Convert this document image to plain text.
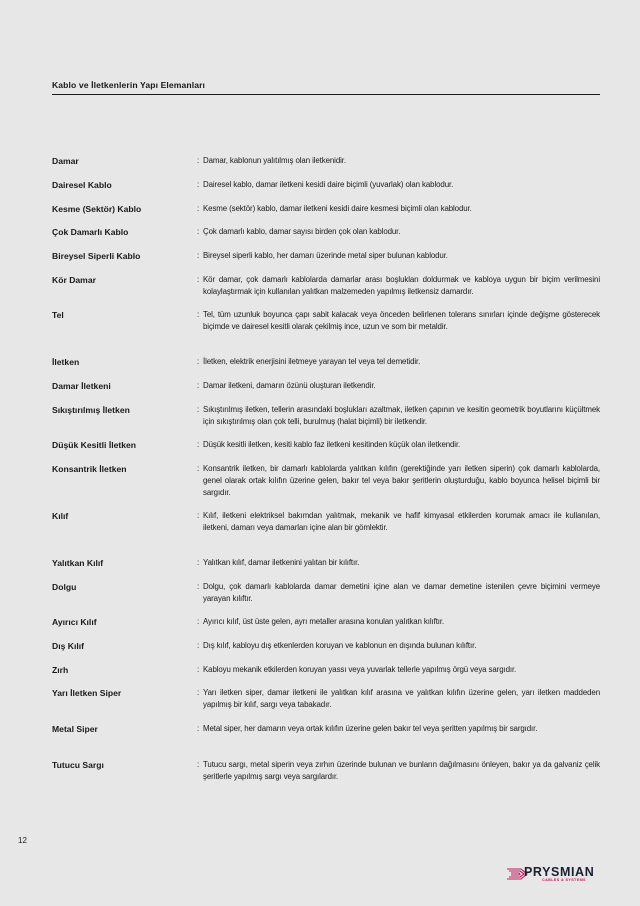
Kablo ve İletkenlerin Yapı Elemanları
Damar	: Damar, kablonun yalıtılmış olan iletkenidir.
Dairesel Kablo	: Dairesel kablo, damar iletkeni kesidi daire biçimli (yuvarlak) olan kablodur.
Kesme (Sektör) Kablo	: Kesme (sektör) kablo, damar iletkeni kesidi daire kesmesi biçimli olan kablodur.
Çok Damarlı Kablo	: Çok damarlı kablo, damar sayısı birden çok olan kablodur.
Bireysel Siperli Kablo	: Bireysel siperli kablo, her damarı üzerinde metal siper bulunan kablodur.
Kör Damar	: Kör damar, çok damarlı kablolarda damarlar arası boşlukları doldurmak ve kabloya uygun bir biçim verilmesini kolaylaştırmak için kullanılan yalıtkan malzemeden yapılmış iletkensiz damardır.
Tel	: Tel, tüm uzunluk boyunca çapı sabit kalacak veya önceden belirlenen tolerans sınırları içinde değişme gösterecek biçimde ve dairesel kesitli olarak çekilmiş ince, uzun ve som bir metaldir.
İletken	: İletken, elektrik enerjisini iletmeye yarayan tel veya tel demetidir.
Damar İletkeni	: Damar iletkeni, damarın özünü oluşturan iletkendir.
Sıkıştırılmış İletken	: Sıkıştırılmış iletken, tellerin arasındaki boşlukları azaltmak, iletken çapının ve kesitin geometrik boyutlarını küçültmek için sıkıştırılmış olan çok telli, burulmuş (halat biçimli) bir iletkendir.
Düşük Kesitli İletken	: Düşük kesitli iletken, kesiti kablo faz iletkeni kesitinden küçük olan iletkendir.
Konsantrik İletken	: Konsantrik iletken, bir damarlı kablolarda yalıtkan kılıfın (gerektiğinde yarı iletken siperin) çok damarlı kablolarda, genel olarak ortak kılıfın üzerine gelen, bakır tel veya bakır şeritlerin oluşturduğu, kablo boyunca helisel biçimli bir sargıdır.
Kılıf	: Kılıf, iletkeni elektriksel bakımdan yalıtmak, mekanik ve hafif kimyasal etkilerden korumak amacı ile kullanılan, iletkeni, damarı veya damarları içine alan bir gömlektir.
Yalıtkan Kılıf	: Yalıtkan kılıf, damar iletkenini yalıtan bir kılıftır.
Dolgu	: Dolgu, çok damarlı kablolarda damar demetini içine alan ve damar demetine istenilen çevre biçimini vermeye yarayan kılıftır.
Ayırıcı Kılıf	: Ayırıcı kılıf, üst üste gelen, ayrı metaller arasına konulan yalıtkan kılıftır.
Dış Kılıf	: Dış kılıf, kabloyu dış etkenlerden koruyan ve kablonun en dışında bulunan kılıftır.
Zırh	: Kabloyu mekanik etkilerden koruyan yassı veya yuvarlak tellerle yapılmış örgü veya sargıdır.
Yarı İletken Siper	: Yarı iletken siper, damar iletkeni ile yalıtkan kılıf arasına ve yalıtkan kılıfın üzerine gelen, yarı iletken maddeden yapılmış bir kılıf, sargı veya tabakadır.
Metal Siper	: Metal siper, her damarın veya ortak kılıfın üzerine gelen bakır tel veya şeritten yapılmış bir sargıdır.
Tutucu Sargı	: Tutucu sargı, metal siperin veya zırhın üzerinde bulunan ve bunların dağılmasını önleyen, bakır ya da galvaniz çelik şeritlerle yapılmış sargı veya sargılardır.
12
PRYSMIAN
CABLES & SYSTEMS
